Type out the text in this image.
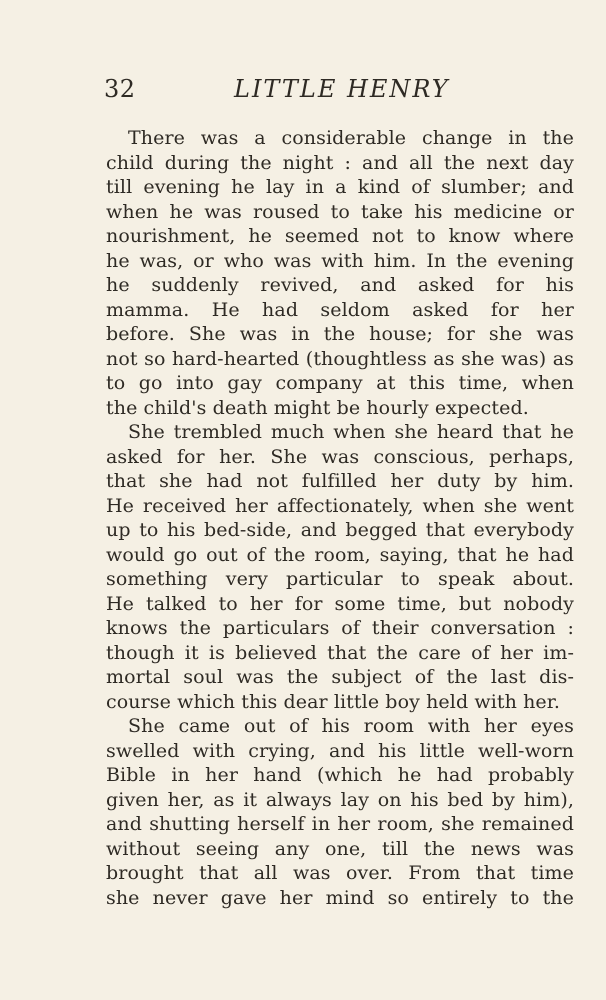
32	LITTLE HENRY
There was a considerable change in the
child during the night : and all the next day
till evening he lay in a kind of slumber; and
when he was roused to take his medicine or
nourishment, he seemed not to know where
he was, or who was with him. In the evening
he suddenly revived, and asked for his
mamma. He had seldom asked for her
before. She was in the house; for she was
not so hard-hearted (thoughtless as she was) as
to go into gay company at this time, when
the child's death might be hourly expected.
She trembled much when she heard that he
asked for her. She was conscious, perhaps,
that she had not fulfilled her duty by him.
He received her affectionately, when she went
up to his bed-side, and begged that everybody
would go out of the room, saying, that he had
something very particular to speak about.
He talked to her for some time, but nobody
knows the particulars of their conversation :
though it is believed that the care of her im-
mortal soul was the subject of the last dis-
course which this dear little boy held with her.
She came out of his room with her eyes
swelled with crying, and his little well-worn
Bible in her hand (which he had probably
given her, as it always lay on his bed by him),
and shutting herself in her room, she remained
without seeing any one, till the news was
brought that all was over. From that time
she never gave her mind so entirely to the
